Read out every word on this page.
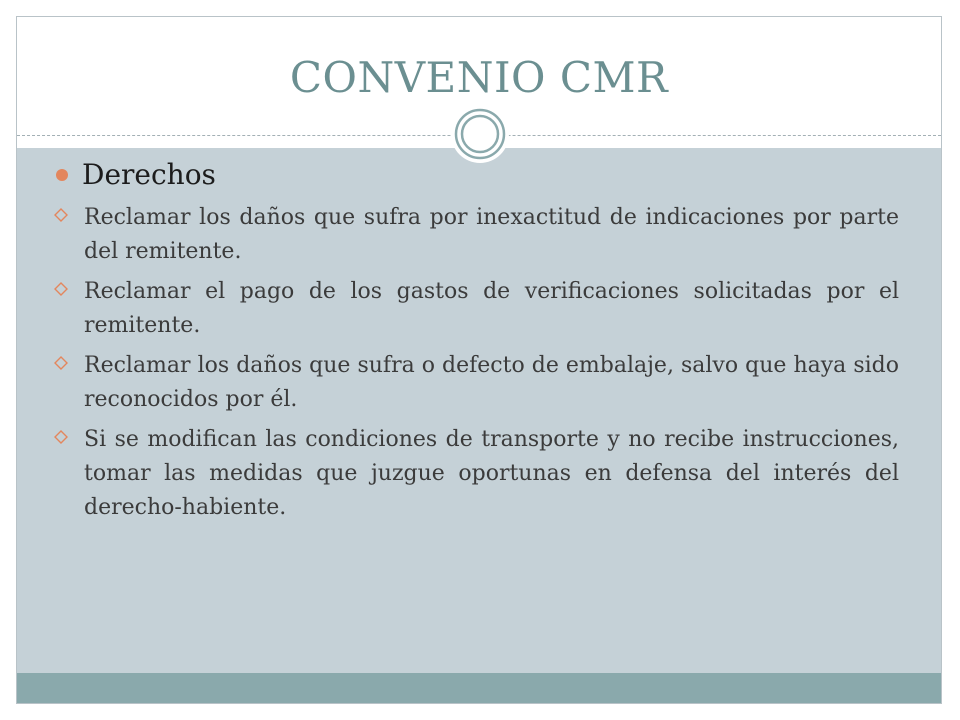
CONVENIO CMR
Derechos
Reclamar los daños que sufra por inexactitud de indicaciones por parte del remitente.
Reclamar el pago de los gastos de verificaciones solicitadas por el remitente.
Reclamar los daños que sufra o defecto de embalaje, salvo que haya sido reconocidos por él.
Si se modifican las condiciones de transporte y no recibe instrucciones, tomar las medidas que juzgue oportunas en defensa del interés del derecho-habiente.
